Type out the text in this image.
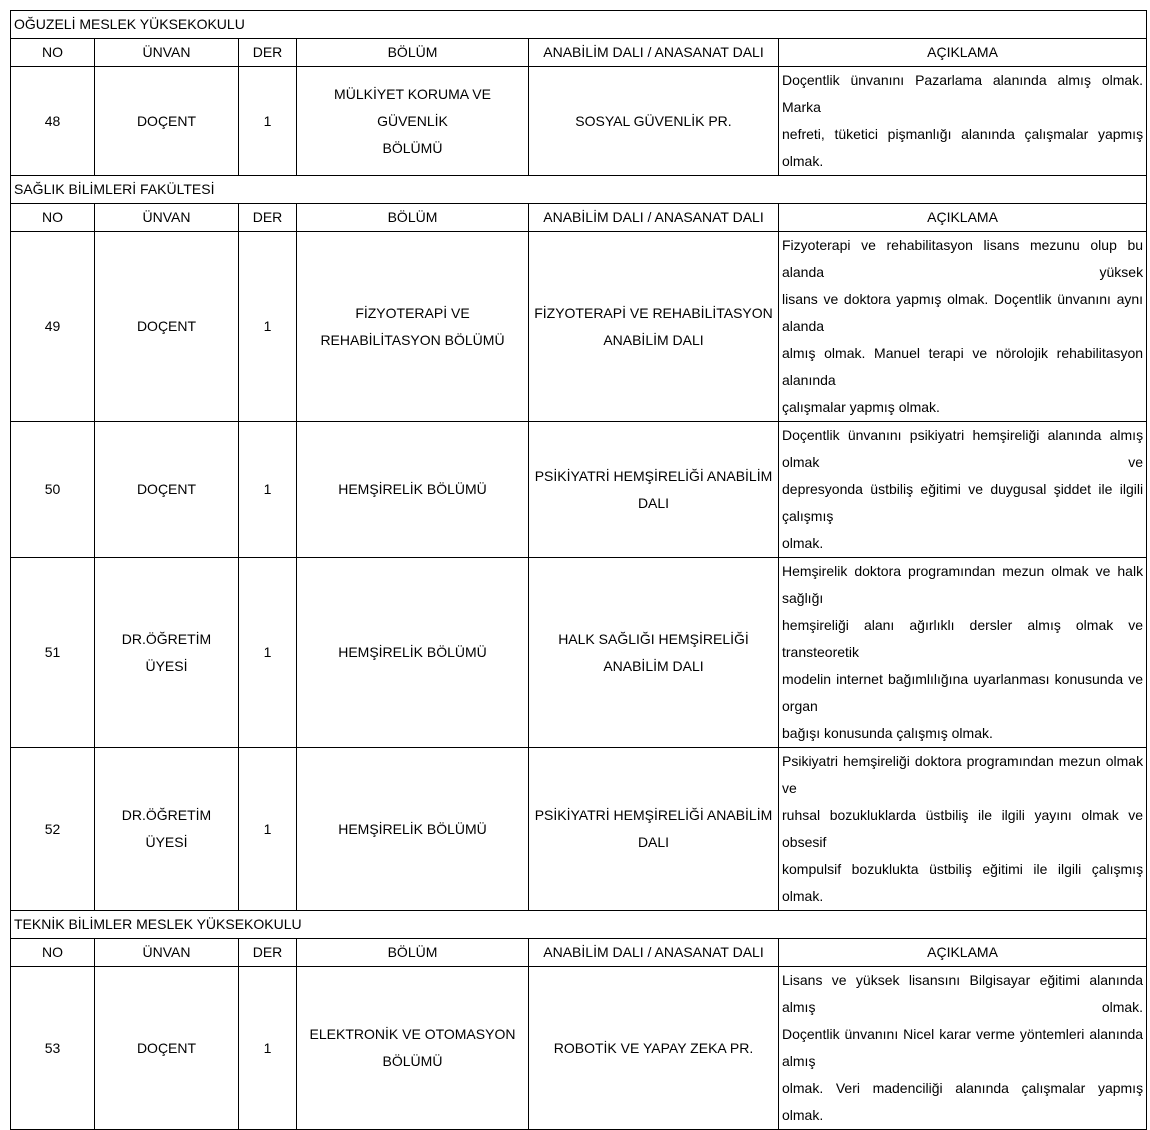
OĞUZELİ MESLEK YÜKSEKOKULU					
NO	ÜNVAN	DER	BÖLÜM	ANABİLİM DALI / ANASANAT DALI	AÇIKLAMA
48	DOÇENT	1	MÜLKİYET KORUMA VE GÜVENLİK
BÖLÜMÜ	SOSYAL GÜVENLİK PR.	Doçentlik ünvanını Pazarlama alanında almış olmak. Marka
nefreti, tüketici pişmanlığı alanında çalışmalar yapmış olmak.

SAĞLIK BİLİMLERİ FAKÜLTESİ					
NO	ÜNVAN	DER	BÖLÜM	ANABİLİM DALI / ANASANAT DALI	AÇIKLAMA
49	DOÇENT	1	FİZYOTERAPİ VE
REHABİLİTASYON BÖLÜMÜ	FİZYOTERAPİ VE REHABİLİTASYON
ANABİLİM DALI	Fizyoterapi ve rehabilitasyon lisans mezunu olup bu alanda yüksek
lisans ve doktora yapmış olmak. Doçentlik ünvanını aynı alanda
almış olmak. Manuel terapi ve nörolojik rehabilitasyon alanında
çalışmalar yapmış olmak.

50	DOÇENT	1	HEMŞİRELİK BÖLÜMÜ	PSİKİYATRİ HEMŞİRELİĞİ ANABİLİM
DALI	Doçentlik ünvanını psikiyatri hemşireliği alanında almış olmak ve
depresyonda üstbiliş eğitimi ve duygusal şiddet ile ilgili çalışmış
olmak.

51	DR.ÖĞRETİM
ÜYESİ	1	HEMŞİRELİK BÖLÜMÜ	HALK SAĞLIĞI HEMŞİRELİĞİ
ANABİLİM DALI	Hemşirelik doktora programından mezun olmak ve halk sağlığı
hemşireliği alanı ağırlıklı dersler almış olmak ve transteoretik
modelin internet bağımlılığına uyarlanması konusunda ve organ
bağışı konusunda çalışmış olmak.

52	DR.ÖĞRETİM
ÜYESİ	1	HEMŞİRELİK BÖLÜMÜ	PSİKİYATRİ HEMŞİRELİĞİ ANABİLİM
DALI	Psikiyatri hemşireliği doktora programından mezun olmak ve
ruhsal bozukluklarda üstbiliş ile ilgili yayını olmak ve obsesif
kompulsif bozuklukta üstbiliş eğitimi ile ilgili çalışmış olmak.

TEKNİK BİLİMLER MESLEK YÜKSEKOKULU					
NO	ÜNVAN	DER	BÖLÜM	ANABİLİM DALI / ANASANAT DALI	AÇIKLAMA
53	DOÇENT	1	ELEKTRONİK VE OTOMASYON
BÖLÜMÜ	ROBOTİK VE YAPAY ZEKA PR.	Lisans ve yüksek lisansını Bilgisayar eğitimi alanında almış olmak.
Doçentlik ünvanını Nicel karar verme yöntemleri alanında almış
olmak. Veri madenciliği alanında çalışmalar yapmış olmak.
